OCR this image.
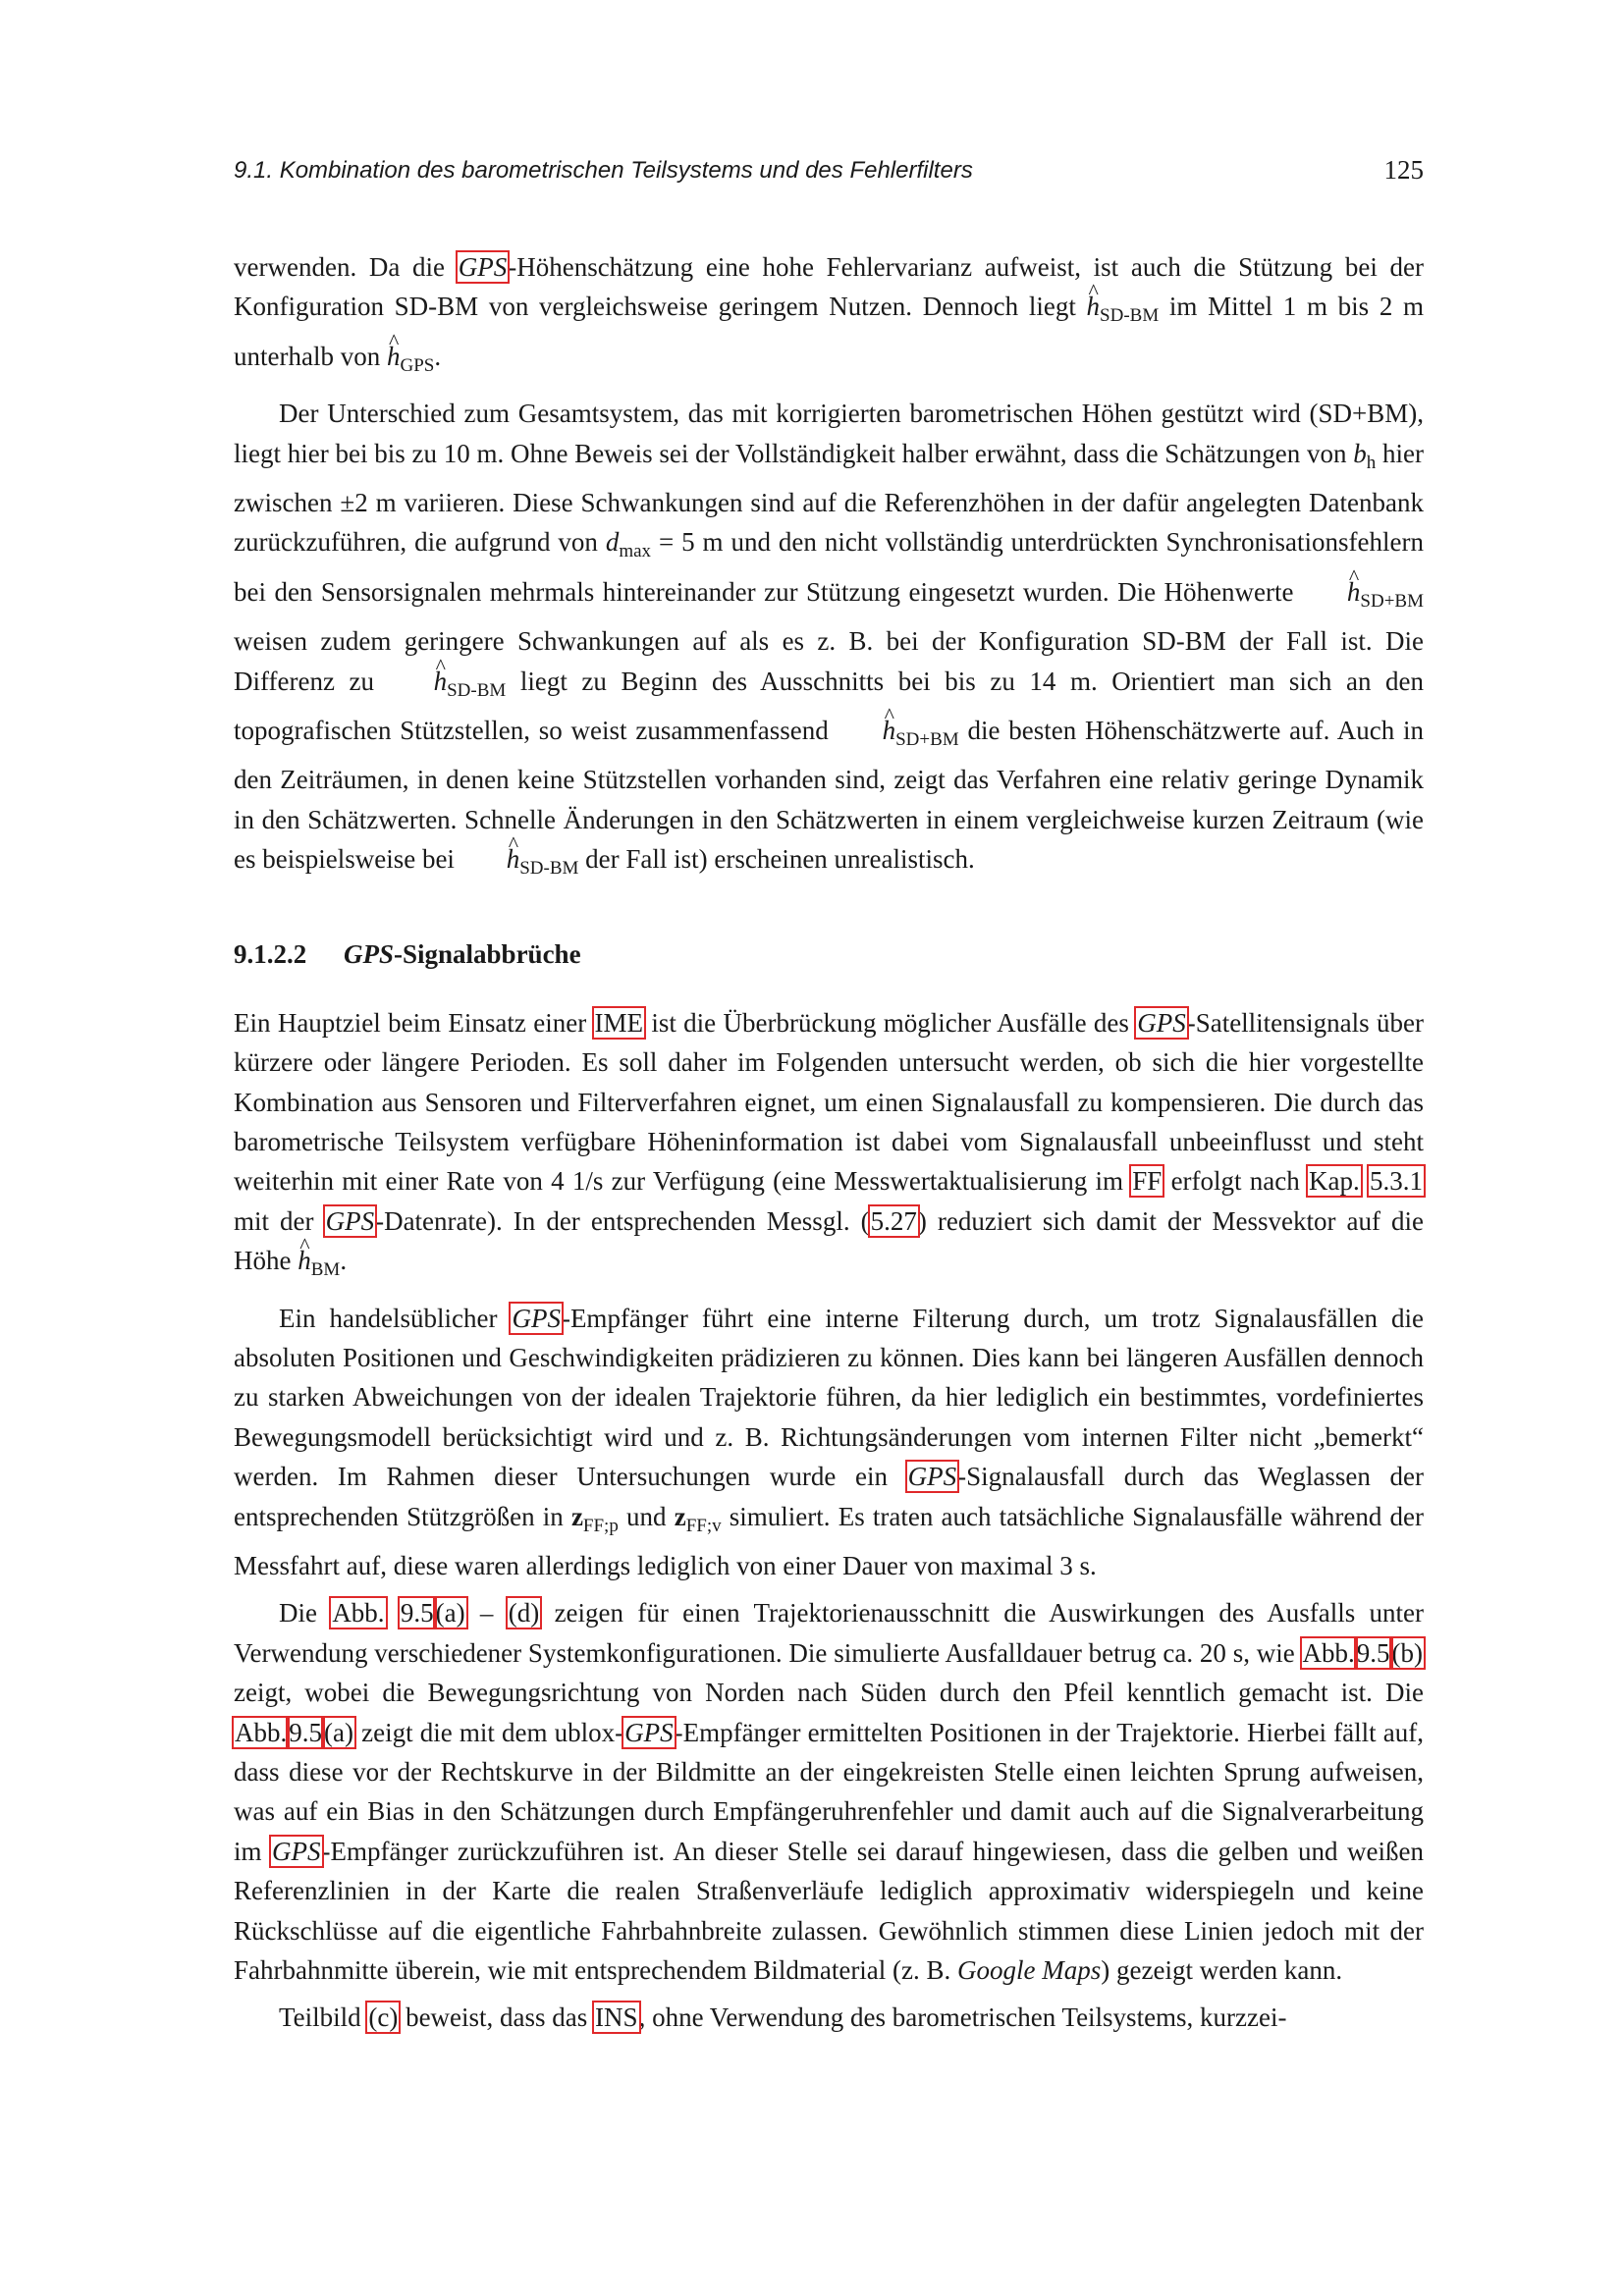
9.1. Kombination des barometrischen Teilsystems und des Fehlerfilters	125

verwenden. Da die GPS-Höhenschätzung eine hohe Fehlervarianz aufweist, ist auch die Stützung bei der Konfiguration SD-BM von vergleichsweise geringem Nutzen. Dennoch liegt ^ $h_{SD-BM}$ im Mittel 1 m bis 2 m unterhalb von ^ $h_{GPS}$.

Der Unterschied zum Gesamtsystem, das mit korrigierten barometrischen Höhen gestützt wird (SD+BM), liegt hier bei bis zu 10 m. Ohne Beweis sei der Vollständigkeit halber erwähnt, dass die Schätzungen von $b_h$ hier zwischen ±2 m variieren. Diese Schwankungen sind auf die Referenzhöhen in der dafür angelegten Datenbank zurückzuführen, die aufgrund von $d_{max} = 5$ m und den nicht vollständig unterdrückten Synchronisationsfehlern bei den Sensorsignalen mehrmals hintereinander zur Stützung eingesetzt wurden. Die Höhenwerte ^ $h_{SD+BM}$ weisen zudem geringere Schwankungen auf als es z. B. bei der Konfiguration SD-BM der Fall ist. Die Differenz zu ^ $h_{SD-BM}$ liegt zu Beginn des Ausschnitts bei bis zu 14 m. Orientiert man sich an den topografischen Stützstellen, so weist zusammenfassend ^ $h_{SD+BM}$ die besten Höhenschätzwerte auf. Auch in den Zeiträumen, in denen keine Stützstellen vorhanden sind, zeigt das Verfahren eine relativ geringe Dynamik in den Schätzwerten. Schnelle Änderungen in den Schätzwerten in einem vergleichweise kurzen Zeitraum (wie es beispielsweise bei ^ $h_{SD-BM}$ der Fall ist) erscheinen unrealistisch.

9.1.2.2 GPS-Signalabbrüche

Ein Hauptziel beim Einsatz einer IME ist die Überbrückung möglicher Ausfälle des GPS-Satellitensignals über kürzere oder längere Perioden. Es soll daher im Folgenden untersucht werden, ob sich die hier vorgestellte Kombination aus Sensoren und Filterverfahren eignet, um einen Signalausfall zu kompensieren. Die durch das barometrische Teilsystem verfügbare Höheninformation ist dabei vom Signalausfall unbeeinflusst und steht weiterhin mit einer Rate von 4 1/s zur Verfügung (eine Messwertaktualisierung im FF erfolgt nach Kap. 5.3.1 mit der GPS-Datenrate). In der entsprechenden Messgl. (5.27) reduziert sich damit der Messvektor auf die Höhe ^ $h_{BM}$.

Ein handelsüblicher GPS-Empfänger führt eine interne Filterung durch, um trotz Signalausfällen die absoluten Positionen und Geschwindigkeiten prädizieren zu können. Dies kann bei längeren Ausfällen dennoch zu starken Abweichungen von der idealen Trajektorie führen, da hier lediglich ein bestimmtes, vordefiniertes Bewegungsmodell berücksichtigt wird und z. B. Richtungsänderungen vom internen Filter nicht „bemerkt“ werden. Im Rahmen dieser Untersuchungen wurde ein GPS-Signalausfall durch das Weglassen der entsprechenden Stützgrößen in $z_{FF;p}$ und $z_{FF;v}$ simuliert. Es traten auch tatsächliche Signalausfälle während der Messfahrt auf, diese waren allerdings lediglich von einer Dauer von maximal 3 s.

Die Abb. 9.5(a) – (d) zeigen für einen Trajektorienausschnitt die Auswirkungen des Ausfalls unter Verwendung verschiedener Systemkonfigurationen. Die simulierte Ausfalldauer betrug ca. 20 s, wie Abb.9.5(b) zeigt, wobei die Bewegungsrichtung von Norden nach Süden durch den Pfeil kenntlich gemacht ist. Die Abb.9.5(a) zeigt die mit dem ublox-GPS-Empfänger ermittelten Positionen in der Trajektorie. Hierbei fällt auf, dass diese vor der Rechtskurve in der Bildmitte an der eingekreisten Stelle einen leichten Sprung aufweisen, was auf ein Bias in den Schätzungen durch Empfängeruhrenfehler und damit auch auf die Signalverarbeitung im GPS-Empfänger zurückzuführen ist. An dieser Stelle sei darauf hingewiesen, dass die gelben und weißen Referenzlinien in der Karte die realen Straßenverläufe lediglich approximativ widerspiegeln und keine Rückschlüsse auf die eigentliche Fahrbahnbreite zulassen. Gewöhnlich stimmen diese Linien jedoch mit der Fahrbahnmitte überein, wie mit entsprechendem Bildmaterial (z. B. Google Maps) gezeigt werden kann.

Teilbild (c) beweist, dass das INS, ohne Verwendung des barometrischen Teilsystems, kurzzei-
